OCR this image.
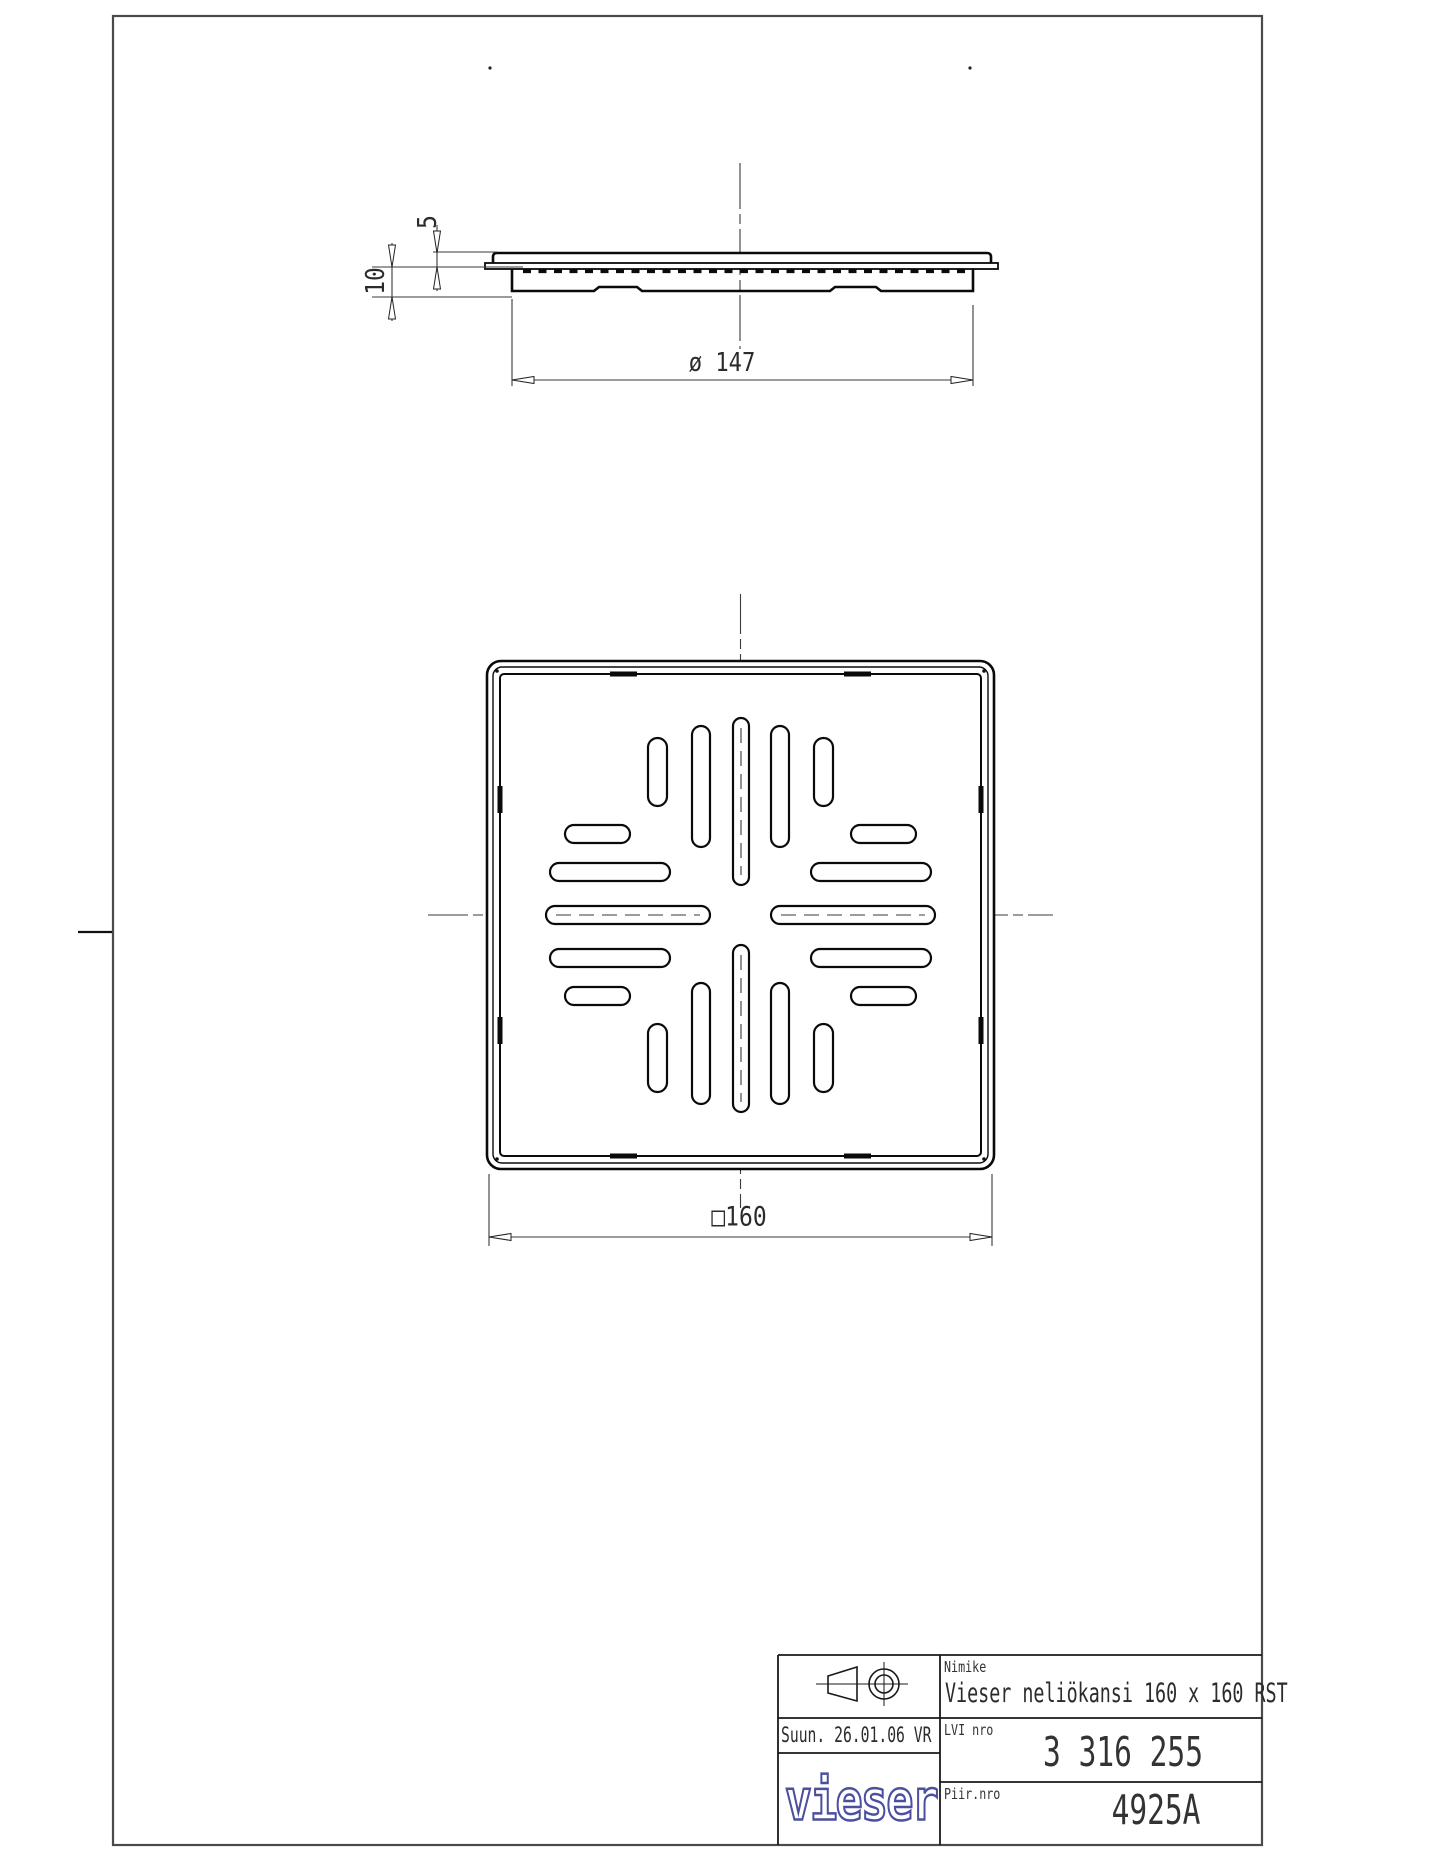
5
10
ø 147
□160
Nimike
Vieser neliökansi 160 x 160 RST
Suun. 26.01.06 VR LVI nro 3 316 255
Piir.nro	4925A
vieser
